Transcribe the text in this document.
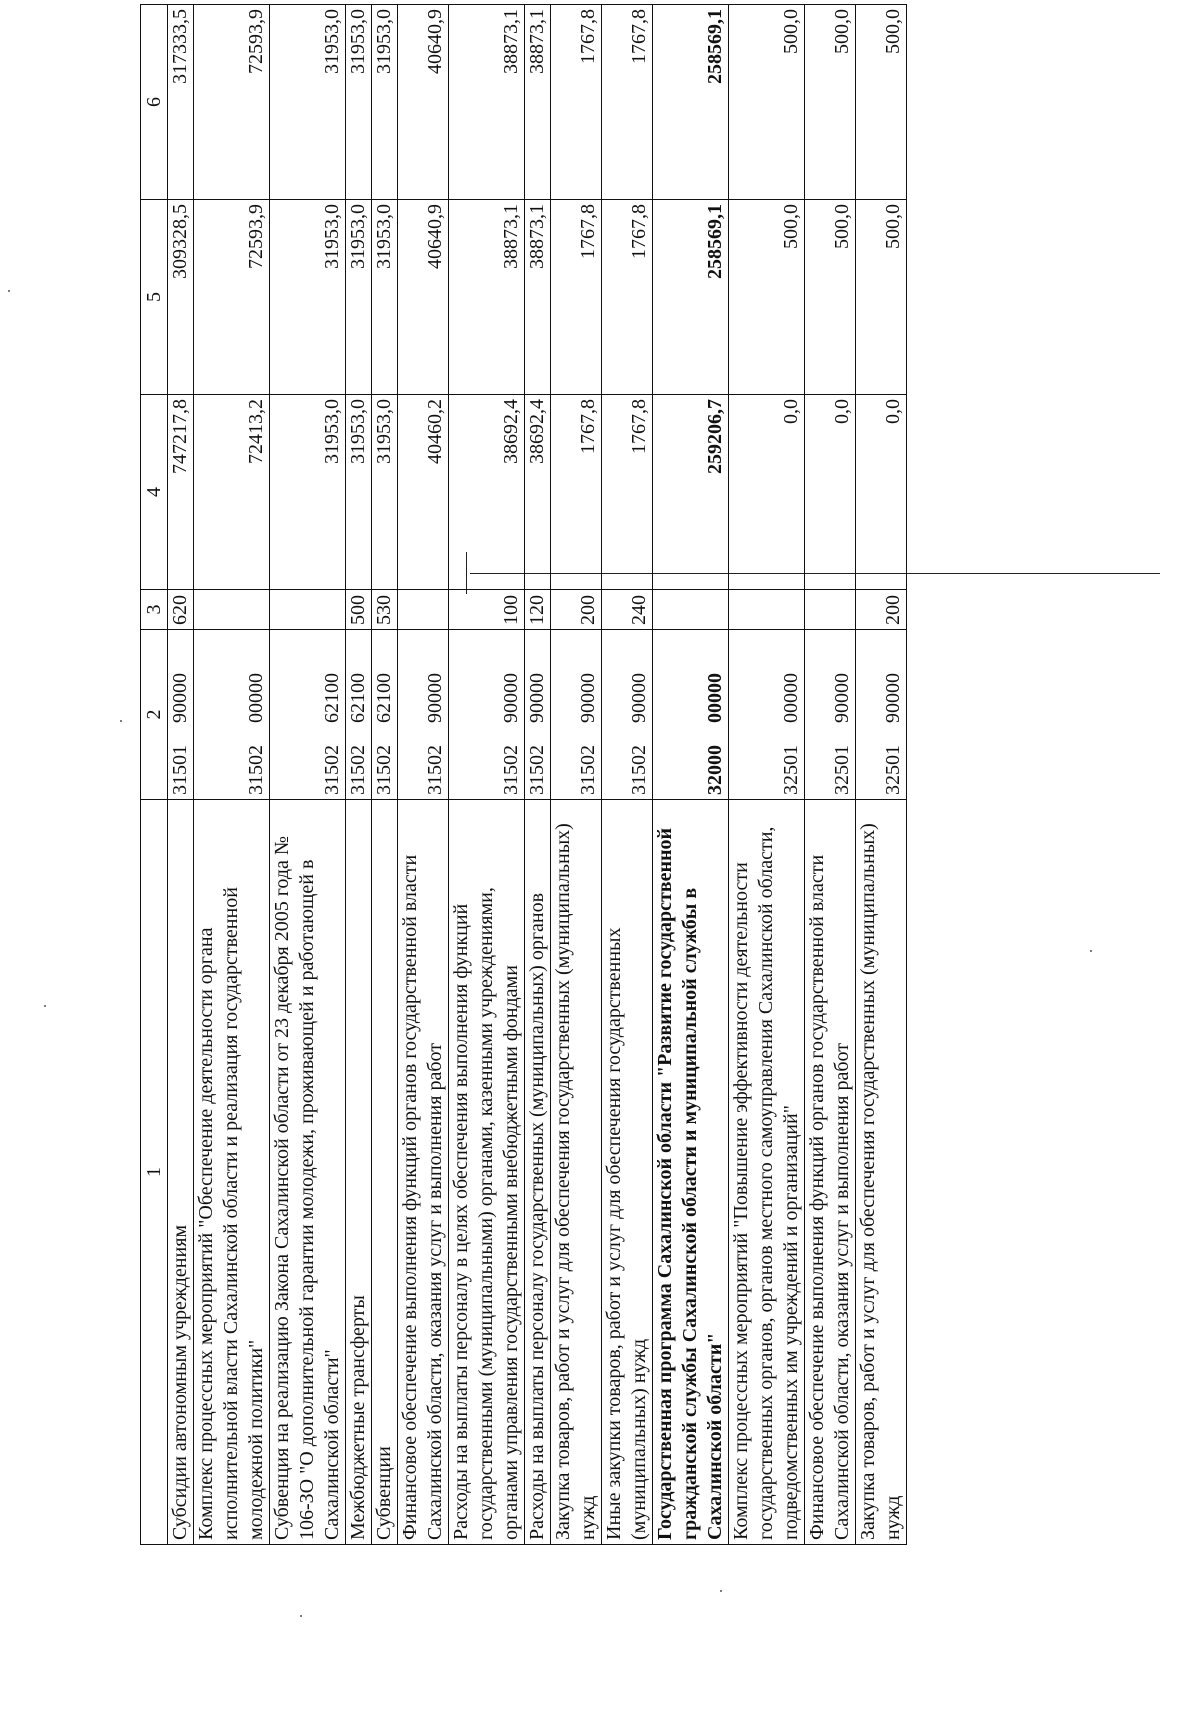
1	2	3	4	5	6
Субсидии автономным учреждениям	3150190000	620	747217,8	309328,5	317333,5
Комплекс процессных мероприятий "Обеспечение деятельности органа исполнительной власти Сахалинской области и реализация государственной молодежной политики"	3150200000		72413,2	72593,9	72593,9
Субвенция на реализацию Закона Сахалинской области от 23 декабря 2005 года № 106-ЗО "О дополнительной гарантии молодежи, проживающей и работающей в Сахалинской области"	3150262100		31953,0	31953,0	31953,0
Межбюджетные трансферты	3150262100	500	31953,0	31953,0	31953,0
Субвенции	3150262100	530	31953,0	31953,0	31953,0
Финансовое обеспечение выполнения функций органов государственной власти Сахалинской области, оказания услуг и выполнения работ	3150290000		40460,2	40640,9	40640,9
Расходы на выплаты персоналу в целях обеспечения выполнения функций государственными (муниципальными) органами, казенными учреждениями, органами управления государственными внебюджетными фондами	3150290000	100	38692,4	38873,1	38873,1
Расходы на выплаты персоналу государственных (муниципальных) органов	3150290000	120	38692,4	38873,1	38873,1
Закупка товаров, работ и услуг для обеспечения государственных (муниципальных) нужд	3150290000	200	1767,8	1767,8	1767,8
Иные закупки товаров, работ и услуг для обеспечения государственных (муниципальных) нужд	3150290000	240	1767,8	1767,8	1767,8
Государственная программа Сахалинской области "Развитие государственной гражданской службы Сахалинской области и муниципальной службы в Сахалинской области"	3200000000		259206,7	258569,1	258569,1
Комплекс процессных мероприятий "Повышение эффективности деятельности государственных органов, органов местного самоуправления Сахалинской области, подведомственных им учреждений и организаций"	3250100000		0,0	500,0	500,0
Финансовое обеспечение выполнения функций органов государственной власти Сахалинской области, оказания услуг и выполнения работ	3250190000		0,0	500,0	500,0
Закупка товаров, работ и услуг для обеспечения государственных (муниципальных) нужд	3250190000	200	0,0	500,0	500,0
